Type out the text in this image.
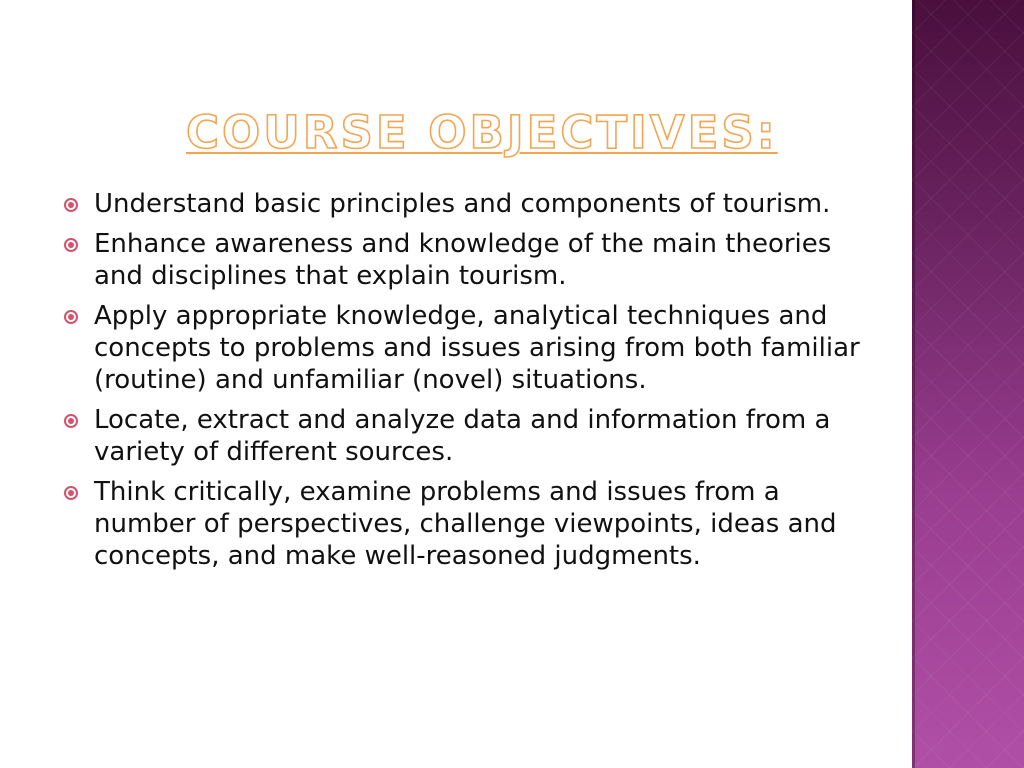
COURSE OBJECTIVES:
Understand basic principles and components of tourism.
Enhance awareness and knowledge of the main theories and disciplines that explain tourism.
Apply appropriate knowledge, analytical techniques and concepts to problems and issues arising from both familiar (routine) and unfamiliar (novel) situations.
Locate, extract and analyze data and information from a variety of different sources.
Think critically, examine problems and issues from a number of perspectives, challenge viewpoints, ideas and concepts, and make well-reasoned judgments.
